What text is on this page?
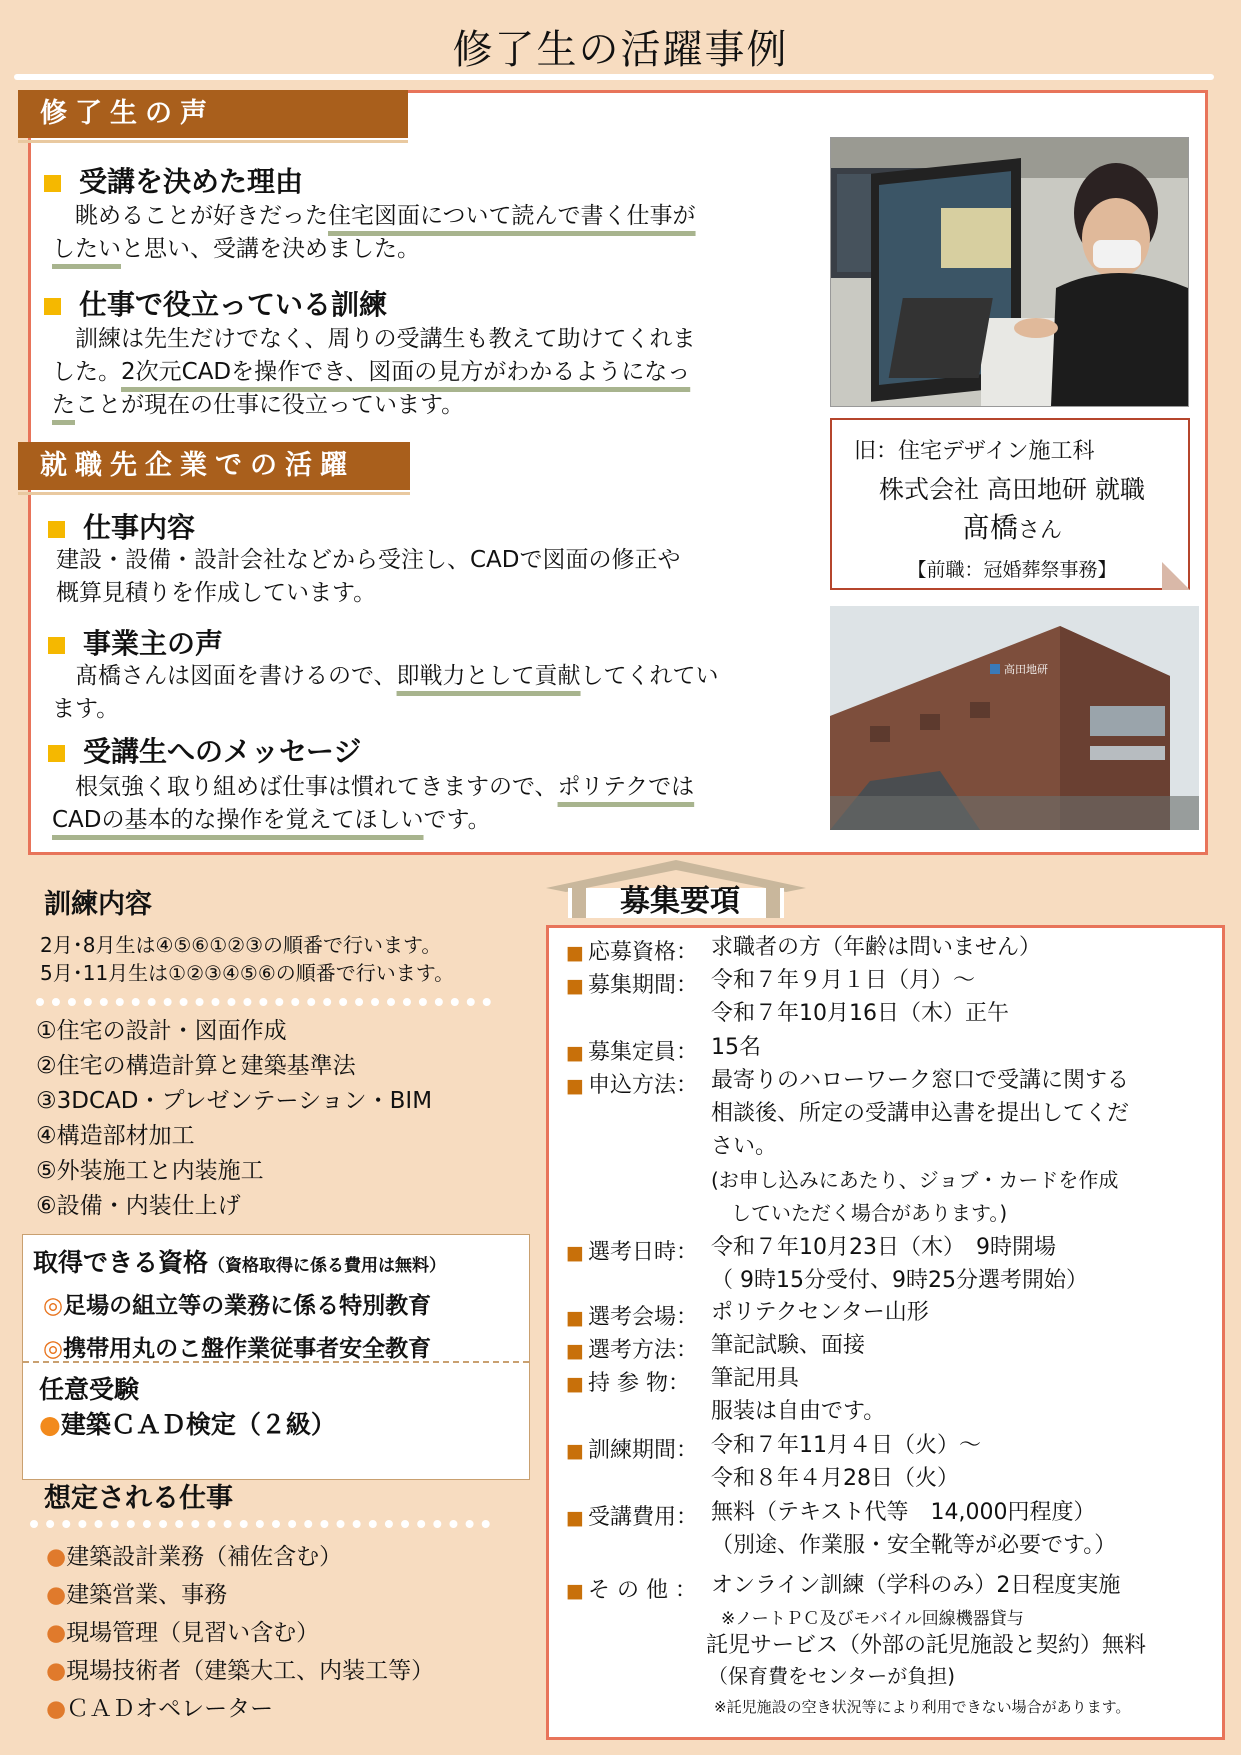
修了生の活躍事例
修了生の声
受講を決めた理由
　眺めることが好きだった住宅図面について読んで書く仕事が
したいと思い、受講を決めました。
仕事で役立っている訓練
　訓練は先生だけでなく、周りの受講生も教えて助けてくれま
した。2次元CADを操作でき、図面の見方がわかるようになっ
たことが現在の仕事に役立っています。
就職先企業での活躍
仕事内容
建設・設備・設計会社などから受注し、CADで図面の修正や
概算見積りを作成しています。
事業主の声
　髙橋さんは図面を書けるので、即戦力として貢献してくれてい
ます。
受講生へのメッセージ
　根気強く取り組めば仕事は慣れてきますので、ポリテクでは
CADの基本的な操作を覚えてほしいです。
旧：住宅デザイン施工科
株式会社 高田地研 就職
髙橋さん
【前職：冠婚葬祭事務】
高田地研
訓練内容
2月･8月生は④⑤⑥①②③の順番で行います。
5月･11月生は①②③④⑤⑥の順番で行います。
①住宅の設計・図面作成
②住宅の構造計算と建築基準法
③3DCAD・プレゼンテーション・BIM
④構造部材加工
⑤外装施工と内装施工
⑥設備・内装仕上げ
取得できる資格（資格取得に係る費用は無料）
◎足場の組立等の業務に係る特別教育
◎携帯用丸のこ盤作業従事者安全教育
任意受験
●建築ＣＡＤ検定（２級）
想定される仕事
●建築設計業務（補佐含む）
●建築営業、事務
●現場管理（見習い含む）
●現場技術者（建築大工、内装工等）
●ＣＡＤオペレーター
募集要項
■ 応募資格： 求職者の方（年齢は問いません）
■ 募集期間： 令和７年９月１日（月）～
令和７年10月16日（木）正午
■ 募集定員： 15名
■ 申込方法： 最寄りのハローワーク窓口で受講に関する
相談後、所定の受講申込書を提出してくだ
さい。
(お申し込みにあたり、ジョブ・カードを作成
　していただく場合があります。)
■ 選考日時： 令和７年10月23日（木）　9時開場
（ 9時15分受付、9時25分選考開始）
■ 選考会場： ポリテクセンター山形
■ 選考方法： 筆記試験、面接
■ 持 参 物： 筆記用具
服装は自由です。
■ 訓練期間： 令和７年11月４日（火）～
令和８年４月28日（火）
■ 受講費用： 無料（テキスト代等　14,000円程度）
（別途、作業服・安全靴等が必要です。）
■ そ の 他 ： オンライン訓練（学科のみ）2日程度実施
※ノートＰＣ及びモバイル回線機器貸与
託児サービス（外部の託児施設と契約）無料
（保育費をセンターが負担)
※託児施設の空き状況等により利用できない場合があります。
